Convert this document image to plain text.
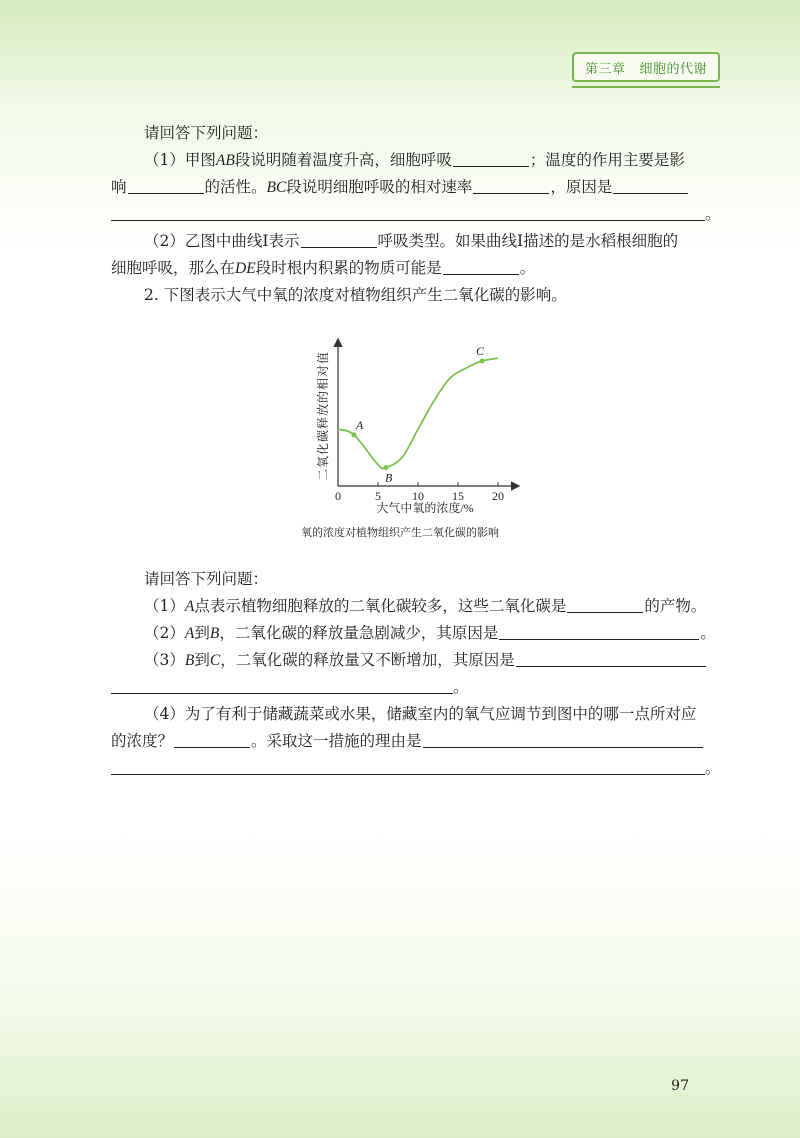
第三章
细胞的代谢
请回答下列问题：
（1）甲图AB段说明随着温度升高，细胞呼吸	；温度的作用主要是影
响	的活性。BC段说明细胞呼吸的相对速率	，原因是
。
（2）乙图中曲线Ⅰ表示	呼吸类型。如果曲线Ⅰ描述的是水稻根细胞的
细胞呼吸，那么在DE段时根内积累的物质可能是	。
2. 下图表示大气中氧的浓度对植物组织产生二氧化碳的影响。
二氧化碳释放的相对值
大气中氧的浓度/%
0	5	10 15 20
A
B
C
氧的浓度对植物组织产生二氧化碳的影响
请回答下列问题：
（1）A点表示植物细胞释放的二氧化碳较多，这些二氧化碳是	的产物。
（2）A到B，二氧化碳的释放量急剧减少，其原因是	。
（3）B到C，二氧化碳的释放量又不断增加，其原因是
。
（4）为了有利于储藏蔬菜或水果，储藏室内的氧气应调节到图中的哪一点所对应
的浓度？	。采取这一措施的理由是
。
97
